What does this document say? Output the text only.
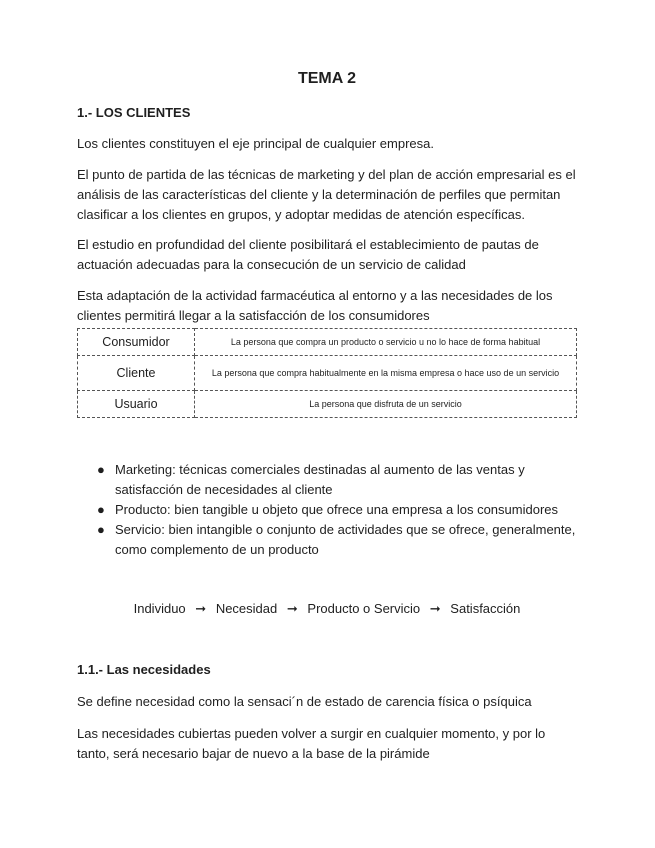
TEMA 2
1.- LOS CLIENTES

Los clientes constituyen el eje principal de cualquier empresa.

El punto de partida de las técnicas de marketing y del plan de acción empresarial es el análisis de las características del cliente y la determinación de perfiles que permitan clasificar a los clientes en grupos, y adoptar medidas de atención específicas.

El estudio en profundidad del cliente posibilitará el establecimiento de pautas de actuación adecuadas para la consecución de un servicio de calidad

Esta adaptación de la actividad farmacéutica al entorno y a las necesidades de los clientes permitirá llegar a la satisfacción de los consumidores

Consumidor	La persona que compra un producto o servicio u no lo hace de forma habitual
Cliente	La persona que compra habitualmente en la misma empresa o hace uso de un servicio
Usuario	La persona que disfruta de un servicio
● Marketing: técnicas comerciales destinadas al aumento de las ventas y satisfacción de necesidades al cliente
● Producto: bien tangible u objeto que ofrece una empresa a los consumidores
● Servicio: bien intangible o conjunto de actividades que se ofrece, generalmente, como complemento de un producto
Individuo ➞ Necesidad ➞ Producto o Servicio ➞ Satisfacción
1.1.- Las necesidades

Se define necesidad como la sensaci´n de estado de carencia física o psíquica

Las necesidades cubiertas pueden volver a surgir en cualquier momento, y por lo tanto, será necesario bajar de nuevo a la base de la pirámide
